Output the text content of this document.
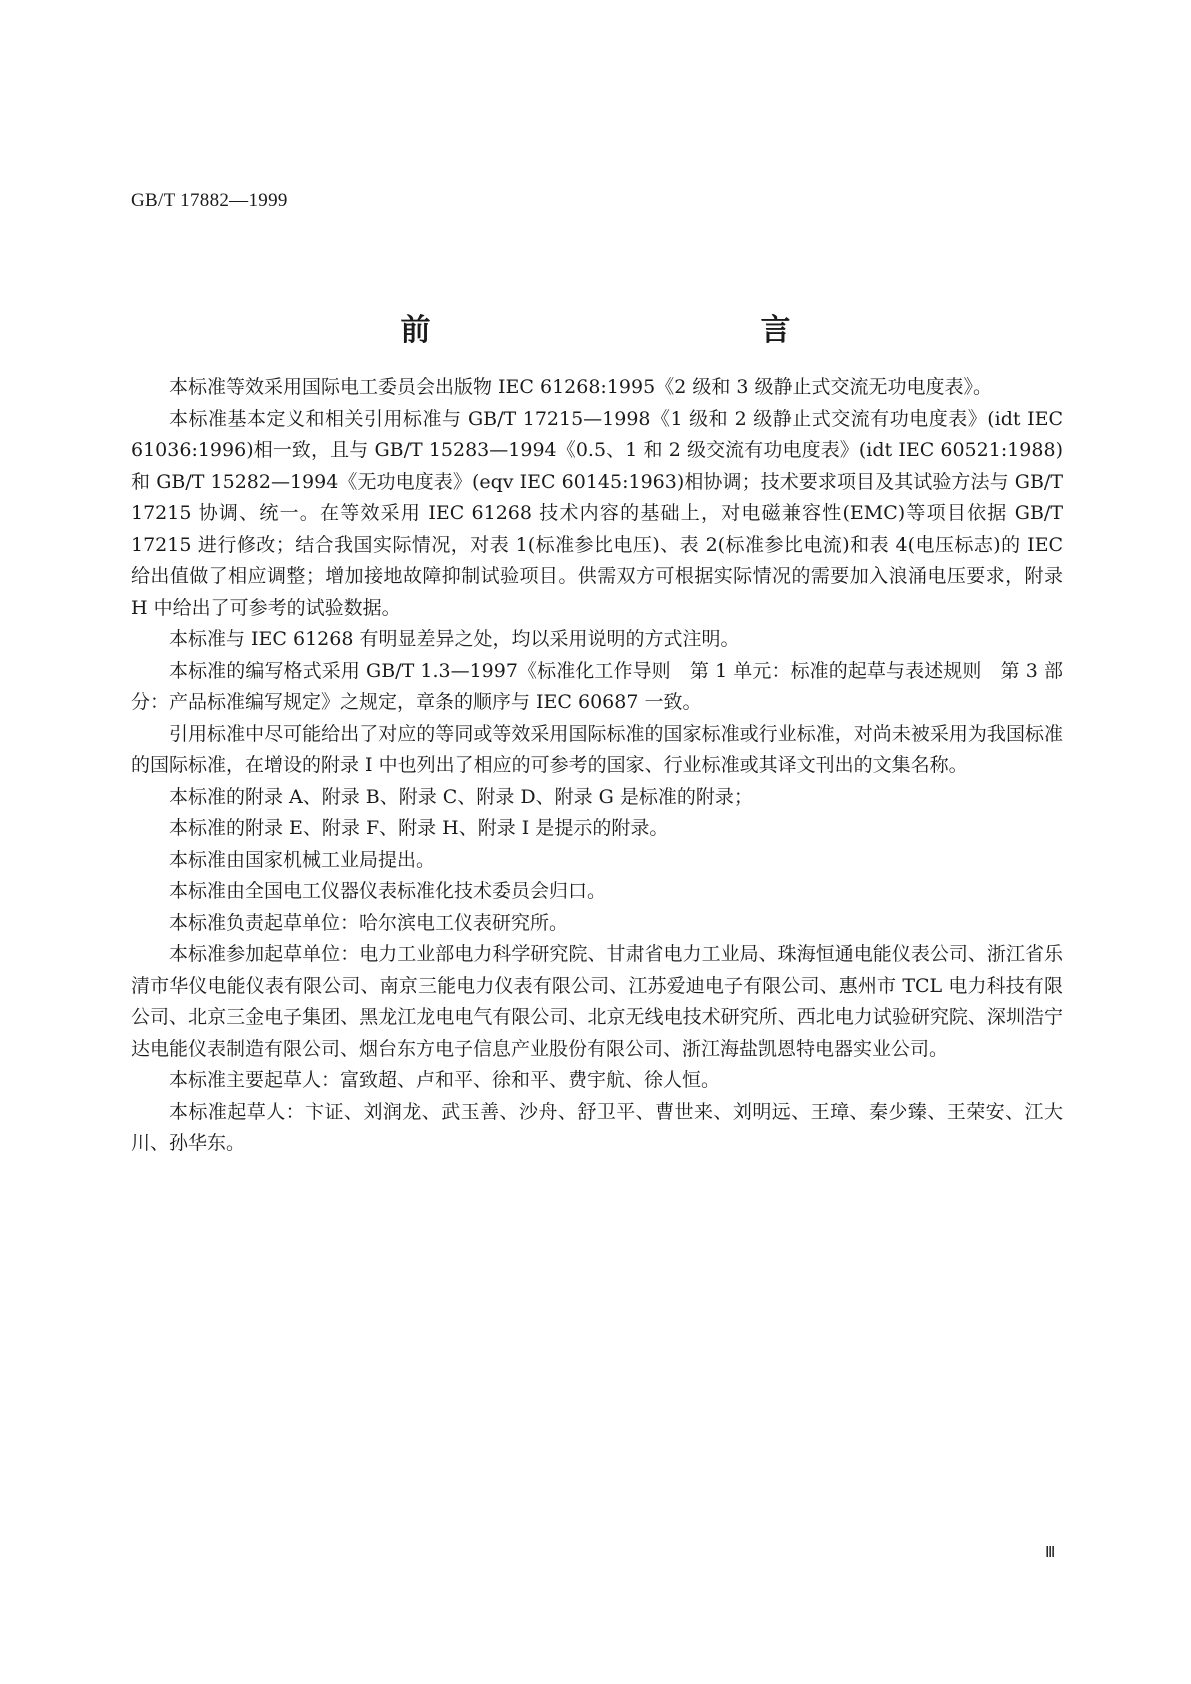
GB/T 17882—1999
前　　言

本标准等效采用国际电工委员会出版物 IEC 61268:1995《2 级和 3 级静止式交流无功电度表》。

本标准基本定义和相关引用标准与 GB/T 17215—1998《1 级和 2 级静止式交流有功电度表》(idt IEC 61036:1996)相一致，且与 GB/T 15283—1994《0.5、1 和 2 级交流有功电度表》(idt IEC 60521:1988)和 GB/T 15282—1994《无功电度表》(eqv IEC 60145:1963)相协调；技术要求项目及其试验方法与 GB/T 17215 协调、统一。在等效采用 IEC 61268 技术内容的基础上，对电磁兼容性(EMC)等项目依据 GB/T 17215 进行修改；结合我国实际情况，对表 1(标准参比电压)、表 2(标准参比电流)和表 4(电压标志)的 IEC 给出值做了相应调整；增加接地故障抑制试验项目。供需双方可根据实际情况的需要加入浪涌电压要求，附录 H 中给出了可参考的试验数据。

本标准与 IEC 61268 有明显差异之处，均以采用说明的方式注明。

本标准的编写格式采用 GB/T 1.3—1997《标准化工作导则　第 1 单元：标准的起草与表述规则　第 3 部分：产品标准编写规定》之规定，章条的顺序与 IEC 60687 一致。

引用标准中尽可能给出了对应的等同或等效采用国际标准的国家标准或行业标准，对尚未被采用为我国标准的国际标准，在增设的附录 I 中也列出了相应的可参考的国家、行业标准或其译文刊出的文集名称。

本标准的附录 A、附录 B、附录 C、附录 D、附录 G 是标准的附录；

本标准的附录 E、附录 F、附录 H、附录 I 是提示的附录。

本标准由国家机械工业局提出。

本标准由全国电工仪器仪表标准化技术委员会归口。

本标准负责起草单位：哈尔滨电工仪表研究所。

本标准参加起草单位：电力工业部电力科学研究院、甘肃省电力工业局、珠海恒通电能仪表公司、浙江省乐清市华仪电能仪表有限公司、南京三能电力仪表有限公司、江苏爱迪电子有限公司、惠州市 TCL 电力科技有限公司、北京三金电子集团、黑龙江龙电电气有限公司、北京无线电技术研究所、西北电力试验研究院、深圳浩宁达电能仪表制造有限公司、烟台东方电子信息产业股份有限公司、浙江海盐凯恩特电器实业公司。

本标准主要起草人：富致超、卢和平、徐和平、费宇航、徐人恒。

本标准起草人：卞证、刘润龙、武玉善、沙舟、舒卫平、曹世来、刘明远、王璋、秦少臻、王荣安、江大川、孙华东。

Ⅲ
